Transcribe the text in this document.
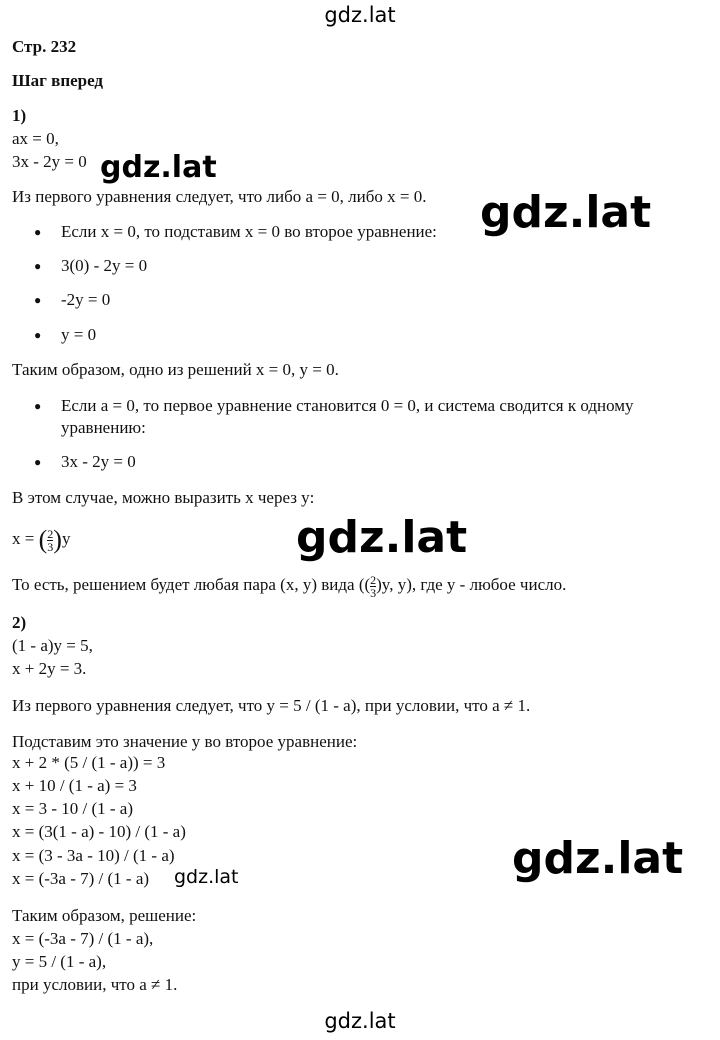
Стр. 232
Шаг вперед
1)
ax = 0,
3x - 2y = 0
Из первого уравнения следует, что либо a = 0, либо x = 0.
● Если x = 0, то подставим x = 0 во второе уравнение:
● 3(0) - 2y = 0
● -2y = 0
● y = 0
Таким образом, одно из решений x = 0, y = 0.
● Если a = 0, то первое уравнение становится 0 = 0, и система сводится к одному
уравнению:
● 3x - 2y = 0
В этом случае, можно выразить x через y:
x = ( $\frac{2}{3} )y$
То есть, решением будет любая пара (x, y) вида (( $\frac{2}{3} )y$, y), где y - любое число.
2)
(1 - a)y = 5,
x + 2y = 3.
Из первого уравнения следует, что y = 5 / (1 - a), при условии, что a ≠ 1.
Подставим это значение y во второе уравнение:
x + 2 * (5 / (1 - a)) = 3
x + 10 / (1 - a) = 3
x = 3 - 10 / (1 - a)
x = (3(1 - a) - 10) / (1 - a)
x = (3 - 3a - 10) / (1 - a)
x = (-3a - 7) / (1 - a)
Таким образом, решение:
x = (-3a - 7) / (1 - a),
y = 5 / (1 - a),
при условии, что a ≠ 1.
gdz.lat
gdz.lat
gdz.lat
gdz.lat
gdz.lat
gdz.lat
gdz.lat
